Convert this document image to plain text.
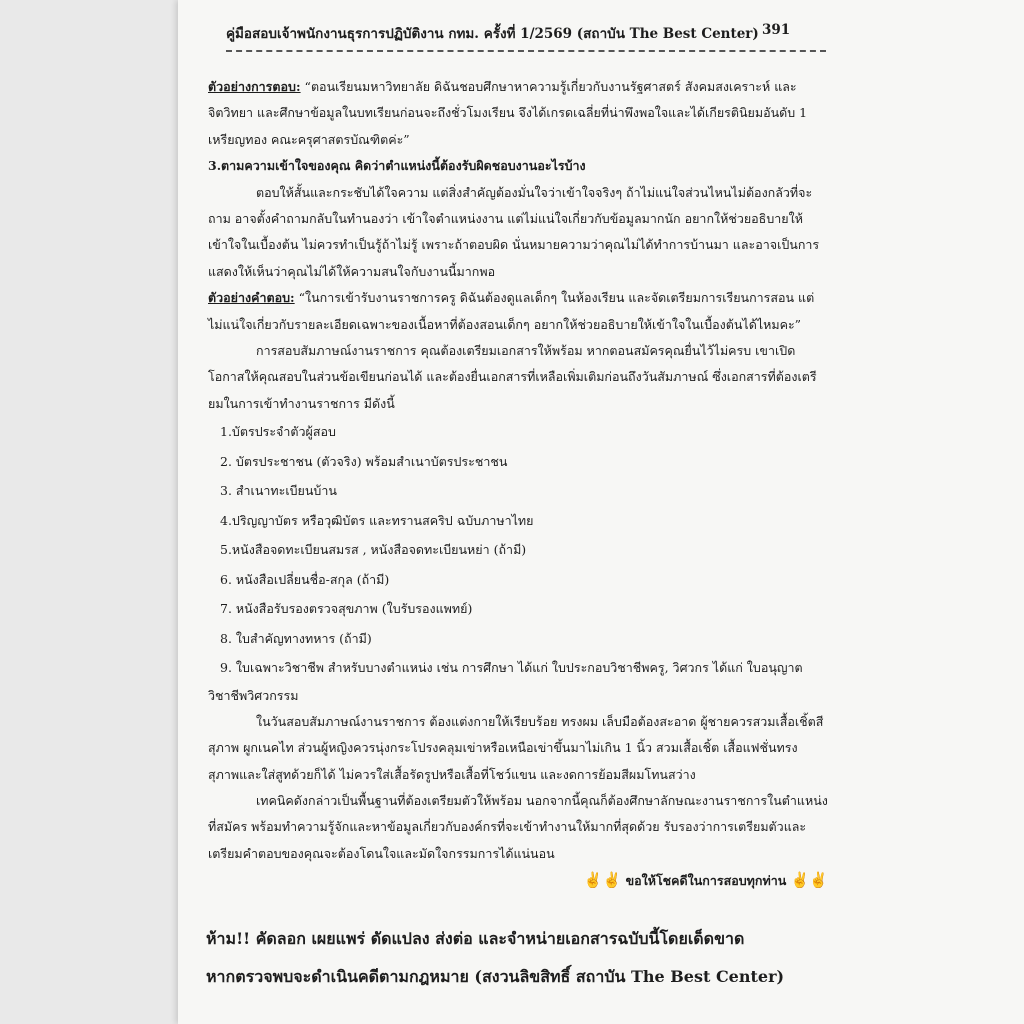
คู่มือสอบเจ้าพนักงานธุรการปฏิบัติงาน กทม. ครั้งที่ 1/2569 (สถาบัน The Best Center) 391

ตัวอย่างการตอบ: “ตอนเรียนมหาวิทยาลัย ดิฉันชอบศึกษาหาความรู้เกี่ยวกับงานรัฐศาสตร์ สังคมสงเคราะห์ และจิตวิทยา และศึกษาข้อมูลในบทเรียนก่อนจะถึงชั่วโมงเรียน จึงได้เกรดเฉลี่ยที่น่าพึงพอใจและได้เกียรตินิยมอันดับ 1 เหรียญทอง คณะครุศาสตรบัณฑิตค่ะ”

3.ตามความเข้าใจของคุณ คิดว่าตำแหน่งนี้ต้องรับผิดชอบงานอะไรบ้าง

ตอบให้สั้นและกระชับได้ใจความ แต่สิ่งสำคัญต้องมั่นใจว่าเข้าใจจริงๆ ถ้าไม่แน่ใจส่วนไหนไม่ต้องกลัวที่จะถาม อาจตั้งคำถามกลับในทำนองว่า เข้าใจตำแหน่งงาน แต่ไม่แน่ใจเกี่ยวกับข้อมูลมากนัก อยากให้ช่วยอธิบายให้เข้าใจในเบื้องต้น ไม่ควรทำเป็นรู้ถ้าไม่รู้ เพราะถ้าตอบผิด นั่นหมายความว่าคุณไม่ได้ทำการบ้านมา และอาจเป็นการแสดงให้เห็นว่าคุณไม่ได้ให้ความสนใจกับงานนี้มากพอ

ตัวอย่างคำตอบ: “ในการเข้ารับงานราชการครู ดิฉันต้องดูแลเด็กๆ ในห้องเรียน และจัดเตรียมการเรียนการสอน แต่ไม่แน่ใจเกี่ยวกับรายละเอียดเฉพาะของเนื้อหาที่ต้องสอนเด็กๆ อยากให้ช่วยอธิบายให้เข้าใจในเบื้องต้นได้ไหมคะ”

การสอบสัมภาษณ์งานราชการ คุณต้องเตรียมเอกสารให้พร้อม หากตอนสมัครคุณยื่นไว้ไม่ครบ เขาเปิดโอกาสให้คุณสอบในส่วนข้อเขียนก่อนได้ และต้องยื่นเอกสารที่เหลือเพิ่มเติมก่อนถึงวันสัมภาษณ์ ซึ่งเอกสารที่ต้องเตรียมในการเข้าทำงานราชการ มีดังนี้

1.บัตรประจำตัวผู้สอบ
2. บัตรประชาชน (ตัวจริง) พร้อมสำเนาบัตรประชาชน
3. สำเนาทะเบียนบ้าน
4.ปริญญาบัตร หรือวุฒิบัตร และทรานสคริป ฉบับภาษาไทย
5.หนังสือจดทะเบียนสมรส , หนังสือจดทะเบียนหย่า (ถ้ามี)
6. หนังสือเปลี่ยนชื่อ-สกุล (ถ้ามี)
7. หนังสือรับรองตรวจสุขภาพ (ใบรับรองแพทย์)
8. ใบสำคัญทางทหาร (ถ้ามี)
9. ใบเฉพาะวิชาชีพ สำหรับบางตำแหน่ง เช่น การศึกษา ได้แก่ ใบประกอบวิชาชีพครู, วิศวกร ได้แก่ ใบอนุญาต
วิชาชีพวิศวกรรม

ในวันสอบสัมภาษณ์งานราชการ ต้องแต่งกายให้เรียบร้อย ทรงผม เล็บมือต้องสะอาด ผู้ชายควรสวมเสื้อเชิ้ตสีสุภาพ ผูกเนคไท ส่วนผู้หญิงควรนุ่งกระโปรงคลุมเข่าหรือเหนือเข่าขึ้นมาไม่เกิน 1 นิ้ว สวมเสื้อเชิ้ต เสื้อแฟชั่นทรงสุภาพและใส่สูทด้วยก็ได้ ไม่ควรใส่เสื้อรัดรูปหรือเสื้อที่โชว์แขน และงดการย้อมสีผมโทนสว่าง

เทคนิคดังกล่าวเป็นพื้นฐานที่ต้องเตรียมตัวให้พร้อม นอกจากนี้คุณก็ต้องศึกษาลักษณะงานราชการในตำแหน่งที่สมัคร พร้อมทำความรู้จักและหาข้อมูลเกี่ยวกับองค์กรที่จะเข้าทำงานให้มากที่สุดด้วย รับรองว่าการเตรียมตัวและเตรียมคำตอบของคุณจะต้องโดนใจและมัดใจกรรมการได้แน่นอน

✌✌ ขอให้โชคดีในการสอบทุกท่าน ✌✌

ห้าม!! คัดลอก เผยแพร่ ดัดแปลง ส่งต่อ และจำหน่ายเอกสารฉบับนี้โดยเด็ดขาด
หากตรวจพบจะดำเนินคดีตามกฎหมาย (สงวนลิขสิทธิ์ สถาบัน The Best Center)
